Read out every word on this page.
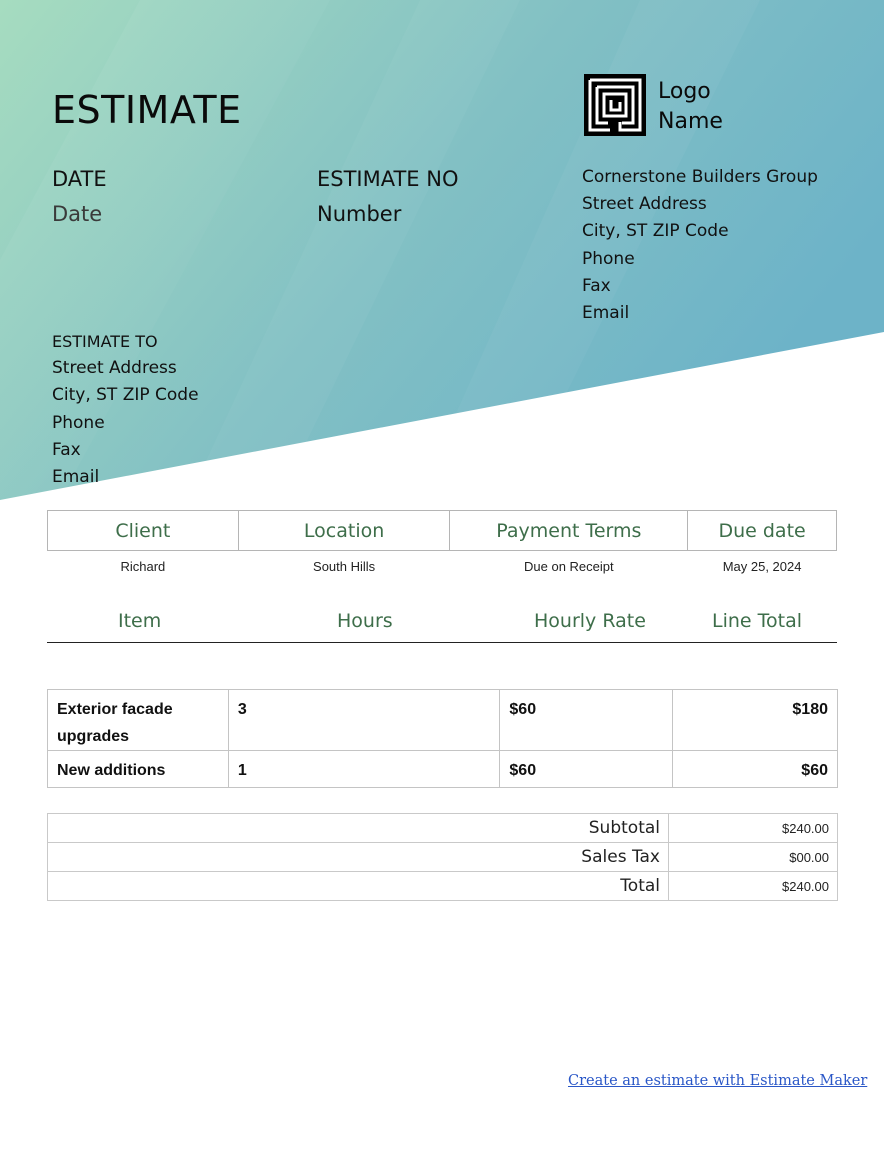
ESTIMATE
DATE
Date
ESTIMATE NO
Number
Logo
Name
Cornerstone Builders Group
Street Address
City, ST ZIP Code
Phone
Fax
Email
ESTIMATE TO
Street Address
City, ST ZIP Code
Phone
Fax
Email
Client	Location	Payment Terms	Due date
Richard	South Hills	Due on Receipt	May 25, 2024
Item	Hours	Hourly Rate	Line Total
Exterior facade upgrades	3	$60	$180
New additions	1	$60	$60
Subtotal	$240.00
Sales Tax	$00.00
Total	$240.00
Create an estimate with Estimate Maker
